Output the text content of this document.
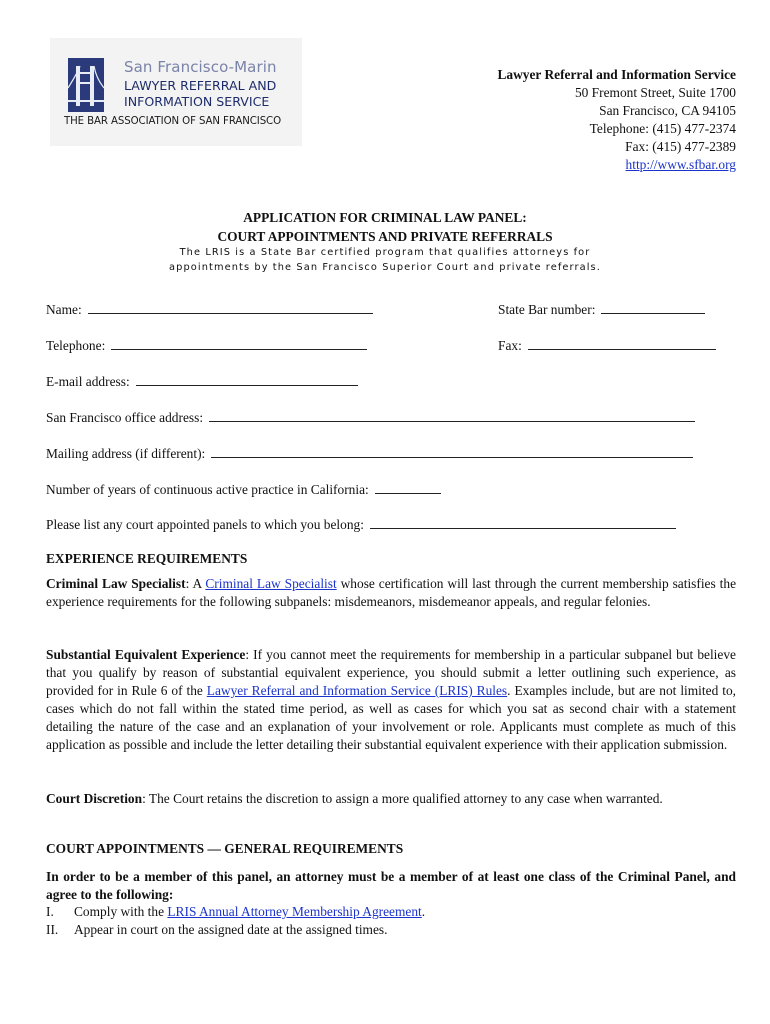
San Francisco-Marin
LAWYER REFERRAL AND
INFORMATION SERVICE
THE BAR ASSOCIATION OF SAN FRANCISCO
Lawyer Referral and Information Service
50 Fremont Street, Suite 1700
San Francisco, CA 94105
Telephone: (415) 477-2374
Fax: (415) 477-2389
http://www.sfbar.org
APPLICATION FOR CRIMINAL LAW PANEL:
COURT APPOINTMENTS AND PRIVATE REFERRALS
The LRIS is a State Bar certified program that qualifies attorneys for
appointments by the San Francisco Superior Court and private referrals.
Name:	State Bar number:
Telephone:	Fax:
E-mail address:
San Francisco office address:
Mailing address (if different):
Number of years of continuous active practice in California:
Please list any court appointed panels to which you belong:
EXPERIENCE REQUIREMENTS
Criminal Law Specialist: A Criminal Law Specialist whose certification will last through the current membership satisfies the experience requirements for the following subpanels: misdemeanors, misdemeanor appeals, and regular felonies.
Substantial Equivalent Experience: If you cannot meet the requirements for membership in a particular subpanel but believe that you qualify by reason of substantial equivalent experience, you should submit a letter outlining such experience, as provided for in Rule 6 of the Lawyer Referral and Information Service (LRIS) Rules. Examples include, but are not limited to, cases which do not fall within the stated time period, as well as cases for which you sat as second chair with a statement detailing the nature of the case and an explanation of your involvement or role. Applicants must complete as much of this application as possible and include the letter detailing their substantial equivalent experience with their application submission.
Court Discretion: The Court retains the discretion to assign a more qualified attorney to any case when warranted.
COURT APPOINTMENTS — GENERAL REQUIREMENTS
In order to be a member of this panel, an attorney must be a member of at least one class of the Criminal Panel, and agree to the following:
I. Comply with the LRIS Annual Attorney Membership Agreement.
II. Appear in court on the assigned date at the assigned times.
